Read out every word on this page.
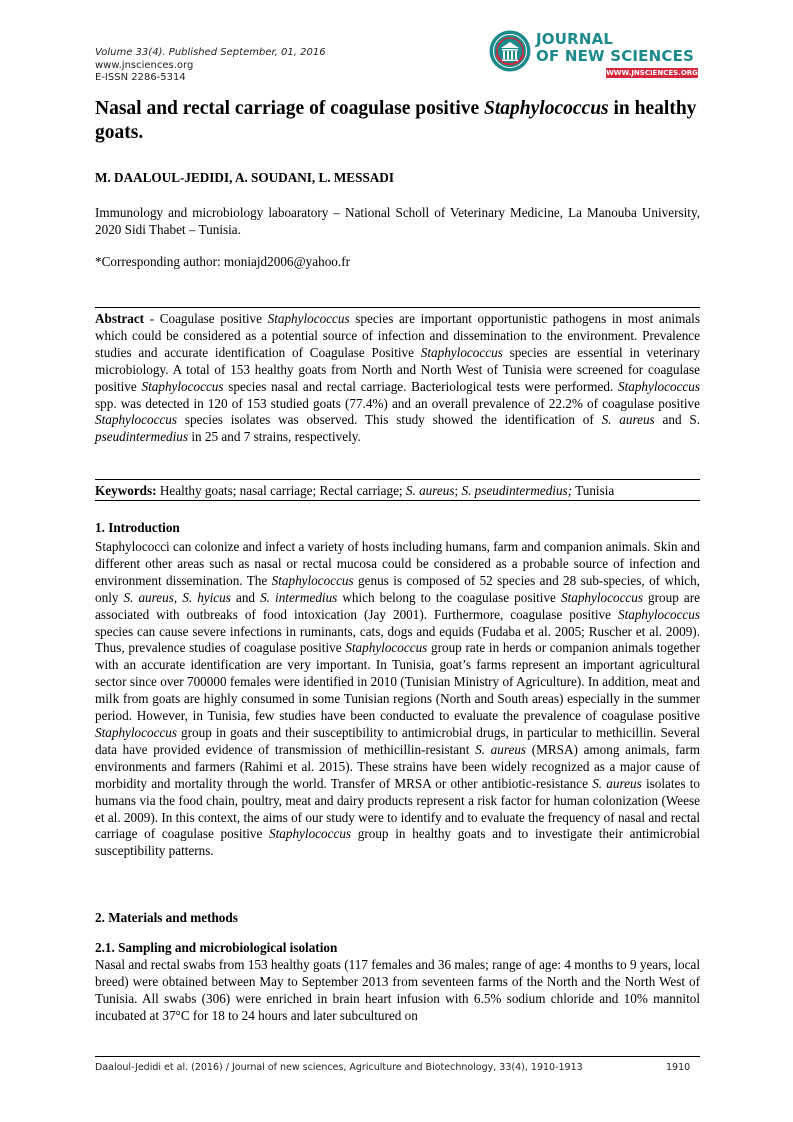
Volume 33(4). Published September, 01, 2016
www.jnsciences.org
E-ISSN 2286-5314
JOURNAL
OF NEW SCIENCES
WWW.JNSCIENCES.ORG
Nasal and rectal carriage of coagulase positive Staphylococcus in healthy goats.
M. DAALOUL-JEDIDI, A. SOUDANI, L. MESSADI
Immunology and microbiology laboaratory – National Scholl of Veterinary Medicine, La Manouba University, 2020 Sidi Thabet – Tunisia.
*Corresponding author: moniajd2006@yahoo.fr
Abstract - Coagulase positive Staphylococcus species are important opportunistic pathogens in most animals which could be considered as a potential source of infection and dissemination to the environment. Prevalence studies and accurate identification of Coagulase Positive Staphylococcus species are essential in veterinary microbiology. A total of 153 healthy goats from North and North West of Tunisia were screened for coagulase positive Staphylococcus species nasal and rectal carriage. Bacteriological tests were performed. Staphylococcus spp. was detected in 120 of 153 studied goats (77.4%) and an overall prevalence of 22.2% of coagulase positive Staphylococcus species isolates was observed. This study showed the identification of S. aureus and S. pseudintermedius in 25 and 7 strains, respectively.
Keywords: Healthy goats; nasal carriage; Rectal carriage; S. aureus; S. pseudintermedius; Tunisia
1. Introduction
Staphylococci can colonize and infect a variety of hosts including humans, farm and companion animals. Skin and different other areas such as nasal or rectal mucosa could be considered as a probable source of infection and environment dissemination. The Staphylococcus genus is composed of 52 species and 28 sub-species, of which, only S. aureus, S. hyicus and S. intermedius which belong to the coagulase positive Staphylococcus group are associated with outbreaks of food intoxication (Jay 2001). Furthermore, coagulase positive Staphylococcus species can cause severe infections in ruminants, cats, dogs and equids (Fudaba et al. 2005; Ruscher et al. 2009). Thus, prevalence studies of coagulase positive Staphylococcus group rate in herds or companion animals together with an accurate identification are very important. In Tunisia, goat’s farms represent an important agricultural sector since over 700000 females were identified in 2010 (Tunisian Ministry of Agriculture). In addition, meat and milk from goats are highly consumed in some Tunisian regions (North and South areas) especially in the summer period. However, in Tunisia, few studies have been conducted to evaluate the prevalence of coagulase positive Staphylococcus group in goats and their susceptibility to antimicrobial drugs, in particular to methicillin. Several data have provided evidence of transmission of methicillin-resistant S. aureus (MRSA) among animals, farm environments and farmers (Rahimi et al. 2015). These strains have been widely recognized as a major cause of morbidity and mortality through the world. Transfer of MRSA or other antibiotic-resistance S. aureus isolates to humans via the food chain, poultry, meat and dairy products represent a risk factor for human colonization (Weese et al. 2009). In this context, the aims of our study were to identify and to evaluate the frequency of nasal and rectal carriage of coagulase positive Staphylococcus group in healthy goats and to investigate their antimicrobial susceptibility patterns.
2. Materials and methods
2.1. Sampling and microbiological isolation
Nasal and rectal swabs from 153 healthy goats (117 females and 36 males; range of age: 4 months to 9 years, local breed) were obtained between May to September 2013 from seventeen farms of the North and the North West of Tunisia. All swabs (306) were enriched in brain heart infusion with 6.5% sodium chloride and 10% mannitol incubated at 37°C for 18 to 24 hours and later subcultured on
Daaloul-Jedidi et al. (2016) / Journal of new sciences, Agriculture and Biotechnology, 33(4), 1910-1913	1910
